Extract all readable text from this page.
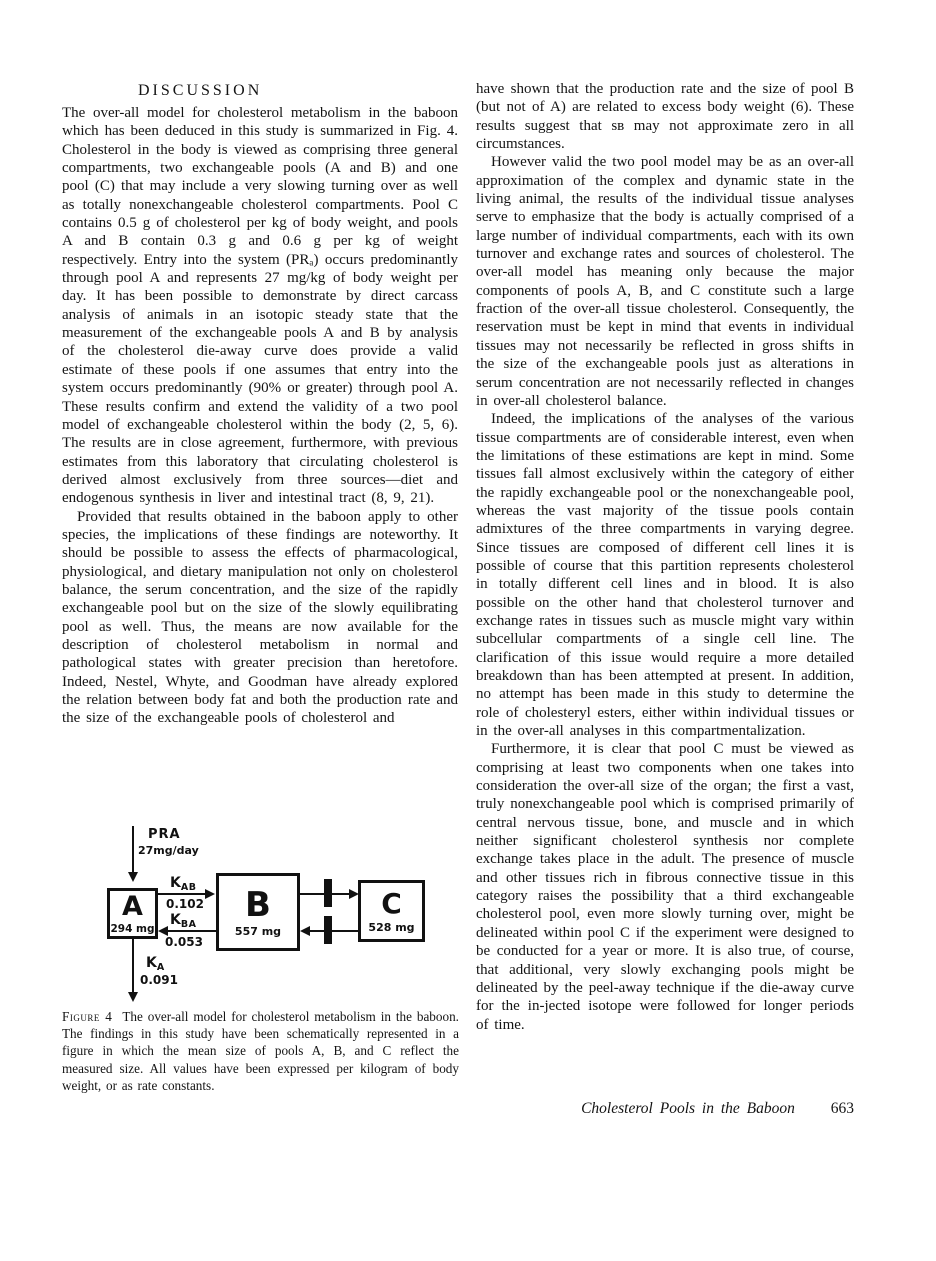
DISCUSSION

The over-all model for cholesterol metabolism in the baboon which has been deduced in this study is summarized in Fig. 4. Cholesterol in the body is viewed as comprising three general compartments, two exchangeable pools (A and B) and one pool (C) that may include a very slowing turning over as well as totally nonexchangeable cholesterol compartments. Pool C contains 0.5 g of cholesterol per kg of body weight, and pools A and B contain 0.3 g and 0.6 g per kg of weight respectively. Entry into the system (PRₐ) occurs predominantly through pool A and represents 27 mg/kg of body weight per day. It has been possible to demonstrate by direct carcass analysis of animals in an isotopic steady state that the measurement of the exchangeable pools A and B by analysis of the cholesterol die-away curve does provide a valid estimate of these pools if one assumes that entry into the system occurs predominantly (90% or greater) through pool A. These results confirm and extend the validity of a two pool model of exchangeable cholesterol within the body (2, 5, 6). The results are in close agreement, furthermore, with previous estimates from this laboratory that circulating cholesterol is derived almost exclusively from three sources—diet and endogenous synthesis in liver and intestinal tract (8, 9, 21).

Provided that results obtained in the baboon apply to other species, the implications of these findings are noteworthy. It should be possible to assess the effects of pharmacological, physiological, and dietary manipulation not only on cholesterol balance, the serum concentration, and the size of the rapidly exchangeable pool but on the size of the slowly equilibrating pool as well. Thus, the means are now available for the description of cholesterol metabolism in normal and pathological states with greater precision than heretofore. Indeed, Nestel, Whyte, and Goodman have already explored the relation between body fat and both the production rate and the size of the exchangeable pools of cholesterol and

have shown that the production rate and the size of pool B (but not of A) are related to excess body weight (6). These results suggest that sʙ may not approximate zero in all circumstances.

However valid the two pool model may be as an over-all approximation of the complex and dynamic state in the living animal, the results of the individual tissue analyses serve to emphasize that the body is actually comprised of a large number of individual compartments, each with its own turnover and exchange rates and sources of cholesterol. The over-all model has meaning only because the major components of pools A, B, and C constitute such a large fraction of the over-all tissue cholesterol. Consequently, the reservation must be kept in mind that events in individual tissues may not necessarily be reflected in gross shifts in the size of the exchangeable pools just as alterations in serum concentration are not necessarily reflected in changes in over-all cholesterol balance.

Indeed, the implications of the analyses of the various tissue compartments are of considerable interest, even when the limitations of these estimations are kept in mind. Some tissues fall almost exclusively within the category of either the rapidly exchangeable pool or the nonexchangeable pool, whereas the vast majority of the tissue pools contain admixtures of the three compartments in varying degree. Since tissues are composed of different cell lines it is possible of course that this partition represents cholesterol in totally different cell lines and in blood. It is also possible on the other hand that cholesterol turnover and exchange rates in tissues such as muscle might vary within subcellular compartments of a single cell line. The clarification of this issue would require a more detailed breakdown than has been attempted at present. In addition, no attempt has been made in this study to determine the role of cholesteryl esters, either within individual tissues or in the over-all analyses in this compartmentalization.

Furthermore, it is clear that pool C must be viewed as comprising at least two components when one takes into consideration the over-all size of the organ; the first a vast, truly nonexchangeable pool which is comprised primarily of central nervous tissue, bone, and muscle and in which neither significant cholesterol synthesis nor complete exchange takes place in the adult. The presence of muscle and other tissues rich in fibrous connective tissue in this category raises the possibility that a third exchangeable cholesterol pool, even more slowly turning over, might be delineated within pool C if the experiment were designed to be conducted for a year or more. It is also true, of course, that additional, very slowly exchanging pools might be delineated by the peel-away technique if the die-away curve for the in-jected isotope were followed for longer periods of time.

PRA
27mg/day
A
294 mg
B
557 mg
C
528 mg
$K_{AB}$
0.102
$K_{BA}$
0.053
$K_A$
0.091
Figure 4 The over-all model for cholesterol metabolism in the baboon. The findings in this study have been schematically represented in a figure in which the mean size of pools A, B, and C reflect the measured size. All values have been expressed per kilogram of body weight, or as rate constants.
Cholesterol Pools in the Baboon 663
